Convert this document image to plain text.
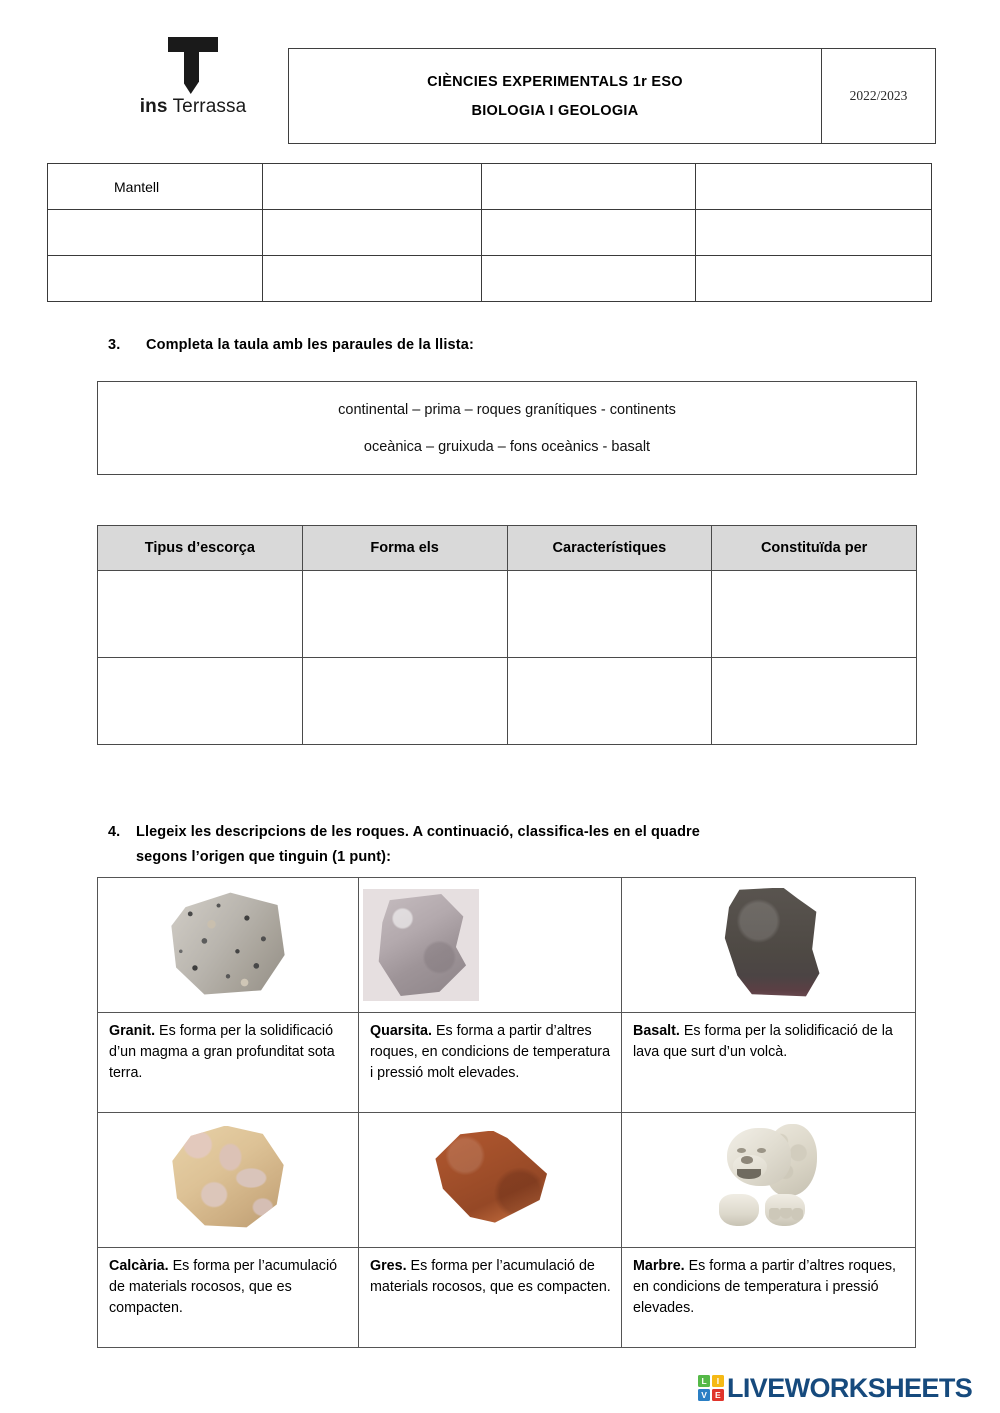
ins Terrassa
CIÈNCIES EXPERIMENTALS 1r ESO
BIOLOGIA I GEOLOGIA
2022/2023
Mantell			

3. Completa la taula amb les paraules de la llista:
continental – prima – roques granítiques - continents
oceànica – gruixuda – fons oceànics - basalt
Tipus d’escorça	Forma els	Característiques	Constituïda per

4. Llegeix les descripcions de les roques. A continuació, classifica-les en el quadre
segons l’origen que tinguin (1 punt):

Granit. Es forma per la solidificació d’un magma a gran profunditat sota terra.	Quarsita. Es forma a partir d’altres roques, en condicions de temperatura i pressió molt elevades.	Basalt. Es forma per la solidificació de la lava que surt d’un volcà.

Calcària. Es forma per l’acumulació de materials rocosos, que es compacten.	Gres. Es forma per l’acumulació de materials rocosos, que es compacten.	Marbre. Es forma a partir d’altres roques, en condicions de temperatura i pressió elevades.
L	I
V E LIVEWORKSHEETS
